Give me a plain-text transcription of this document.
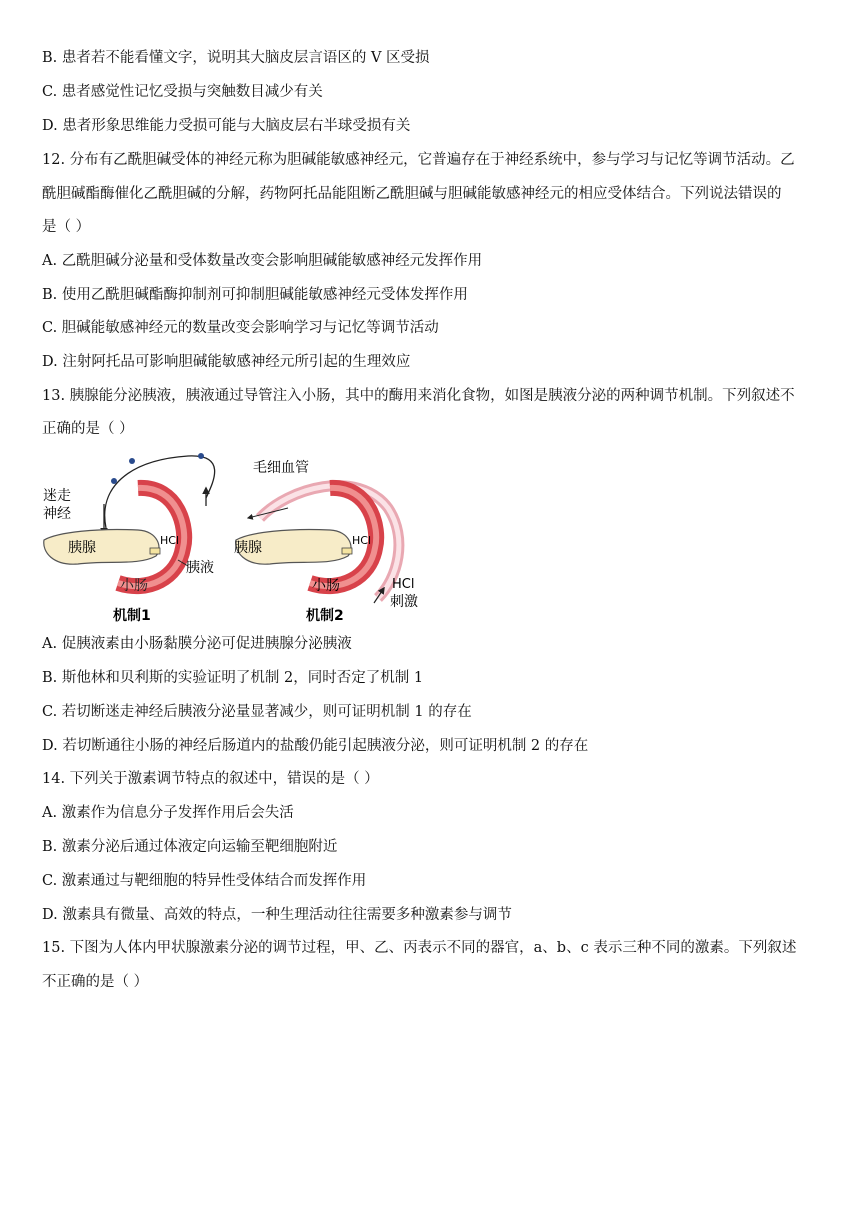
B. 患者若不能看懂文字，说明其大脑皮层言语区的 V 区受损
C. 患者感觉性记忆受损与突触数目减少有关
D. 患者形象思维能力受损可能与大脑皮层右半球受损有关
12. 分布有乙酰胆碱受体的神经元称为胆碱能敏感神经元，它普遍存在于神经系统中，参与学习与记忆等调节活动。乙
酰胆碱酯酶催化乙酰胆碱的分解，药物阿托品能阻断乙酰胆碱与胆碱能敏感神经元的相应受体结合。下列说法错误的
是（ ）
A. 乙酰胆碱分泌量和受体数量改变会影响胆碱能敏感神经元发挥作用
B. 使用乙酰胆碱酯酶抑制剂可抑制胆碱能敏感神经元受体发挥作用
C. 胆碱能敏感神经元的数量改变会影响学习与记忆等调节活动
D. 注射阿托品可影响胆碱能敏感神经元所引起的生理效应
13. 胰腺能分泌胰液，胰液通过导管注入小肠，其中的酶用来消化食物，如图是胰液分泌的两种调节机制。下列叙述不
正确的是（ ）
迷走
神经
胰腺	HCl
胰液
小肠
机制1
毛细血管
胰腺	HCl
小肠	HCl
刺激
机制2
A. 促胰液素由小肠黏膜分泌可促进胰腺分泌胰液
B. 斯他林和贝利斯的实验证明了机制 2，同时否定了机制 1
C. 若切断迷走神经后胰液分泌量显著减少，则可证明机制 1 的存在
D. 若切断通往小肠的神经后肠道内的盐酸仍能引起胰液分泌，则可证明机制 2 的存在
14. 下列关于激素调节特点的叙述中，错误的是（ ）
A. 激素作为信息分子发挥作用后会失活
B. 激素分泌后通过体液定向运输至靶细胞附近
C. 激素通过与靶细胞的特异性受体结合而发挥作用
D. 激素具有微量、高效的特点，一种生理活动往往需要多种激素参与调节
15. 下图为人体内甲状腺激素分泌的调节过程，甲、乙、丙表示不同的器官，a、b、c 表示三种不同的激素。下列叙述
不正确的是（ ）
